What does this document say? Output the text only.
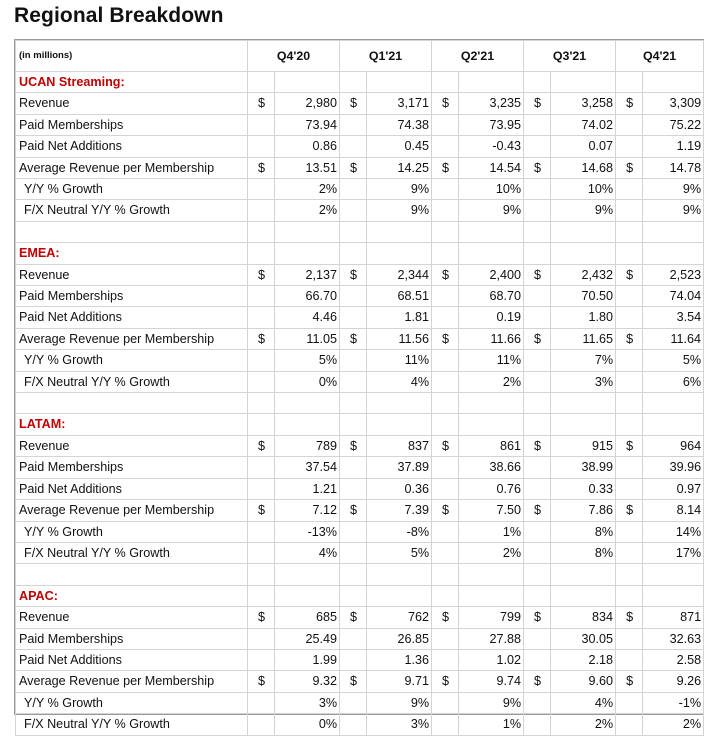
Regional Breakdown
(in millions)	Q4'20		Q1'21		Q2'21		Q3'21		Q4'21	
UCAN Streaming:										
Revenue	$	2,980	$	3,171	$	3,235	$	3,258	$	3,309
Paid Memberships		73.94		74.38		73.95		74.02		75.22
Paid Net Additions		0.86		0.45		-0.43		0.07		1.19
Average Revenue per Membership	$	13.51	$	14.25	$	14.54	$	14.68	$	14.78
Y/Y % Growth		2%		9%		10%		10%		9%
F/X Neutral Y/Y % Growth		2%		9%		9%		9%		9%

EMEA:										
Revenue	$	2,137	$	2,344	$	2,400	$	2,432	$	2,523
Paid Memberships		66.70		68.51		68.70		70.50		74.04
Paid Net Additions		4.46		1.81		0.19		1.80		3.54
Average Revenue per Membership	$	11.05	$	11.56	$	11.66	$	11.65	$	11.64
Y/Y % Growth		5%		11%		11%		7%		5%
F/X Neutral Y/Y % Growth		0%		4%		2%		3%		6%

LATAM:										
Revenue	$	789	$	837	$	861	$	915	$	964
Paid Memberships		37.54		37.89		38.66		38.99		39.96
Paid Net Additions		1.21		0.36		0.76		0.33		0.97
Average Revenue per Membership	$	7.12	$	7.39	$	7.50	$	7.86	$	8.14
Y/Y % Growth		-13%		-8%		1%		8%		14%
F/X Neutral Y/Y % Growth		4%		5%		2%		8%		17%

APAC:										
Revenue	$	685	$	762	$	799	$	834	$	871
Paid Memberships		25.49		26.85		27.88		30.05		32.63
Paid Net Additions		1.99		1.36		1.02		2.18		2.58
Average Revenue per Membership	$	9.32	$	9.71	$	9.74	$	9.60	$	9.26
Y/Y % Growth		3%		9%		9%		4%		-1%
F/X Neutral Y/Y % Growth		0%		3%		1%		2%		2%
